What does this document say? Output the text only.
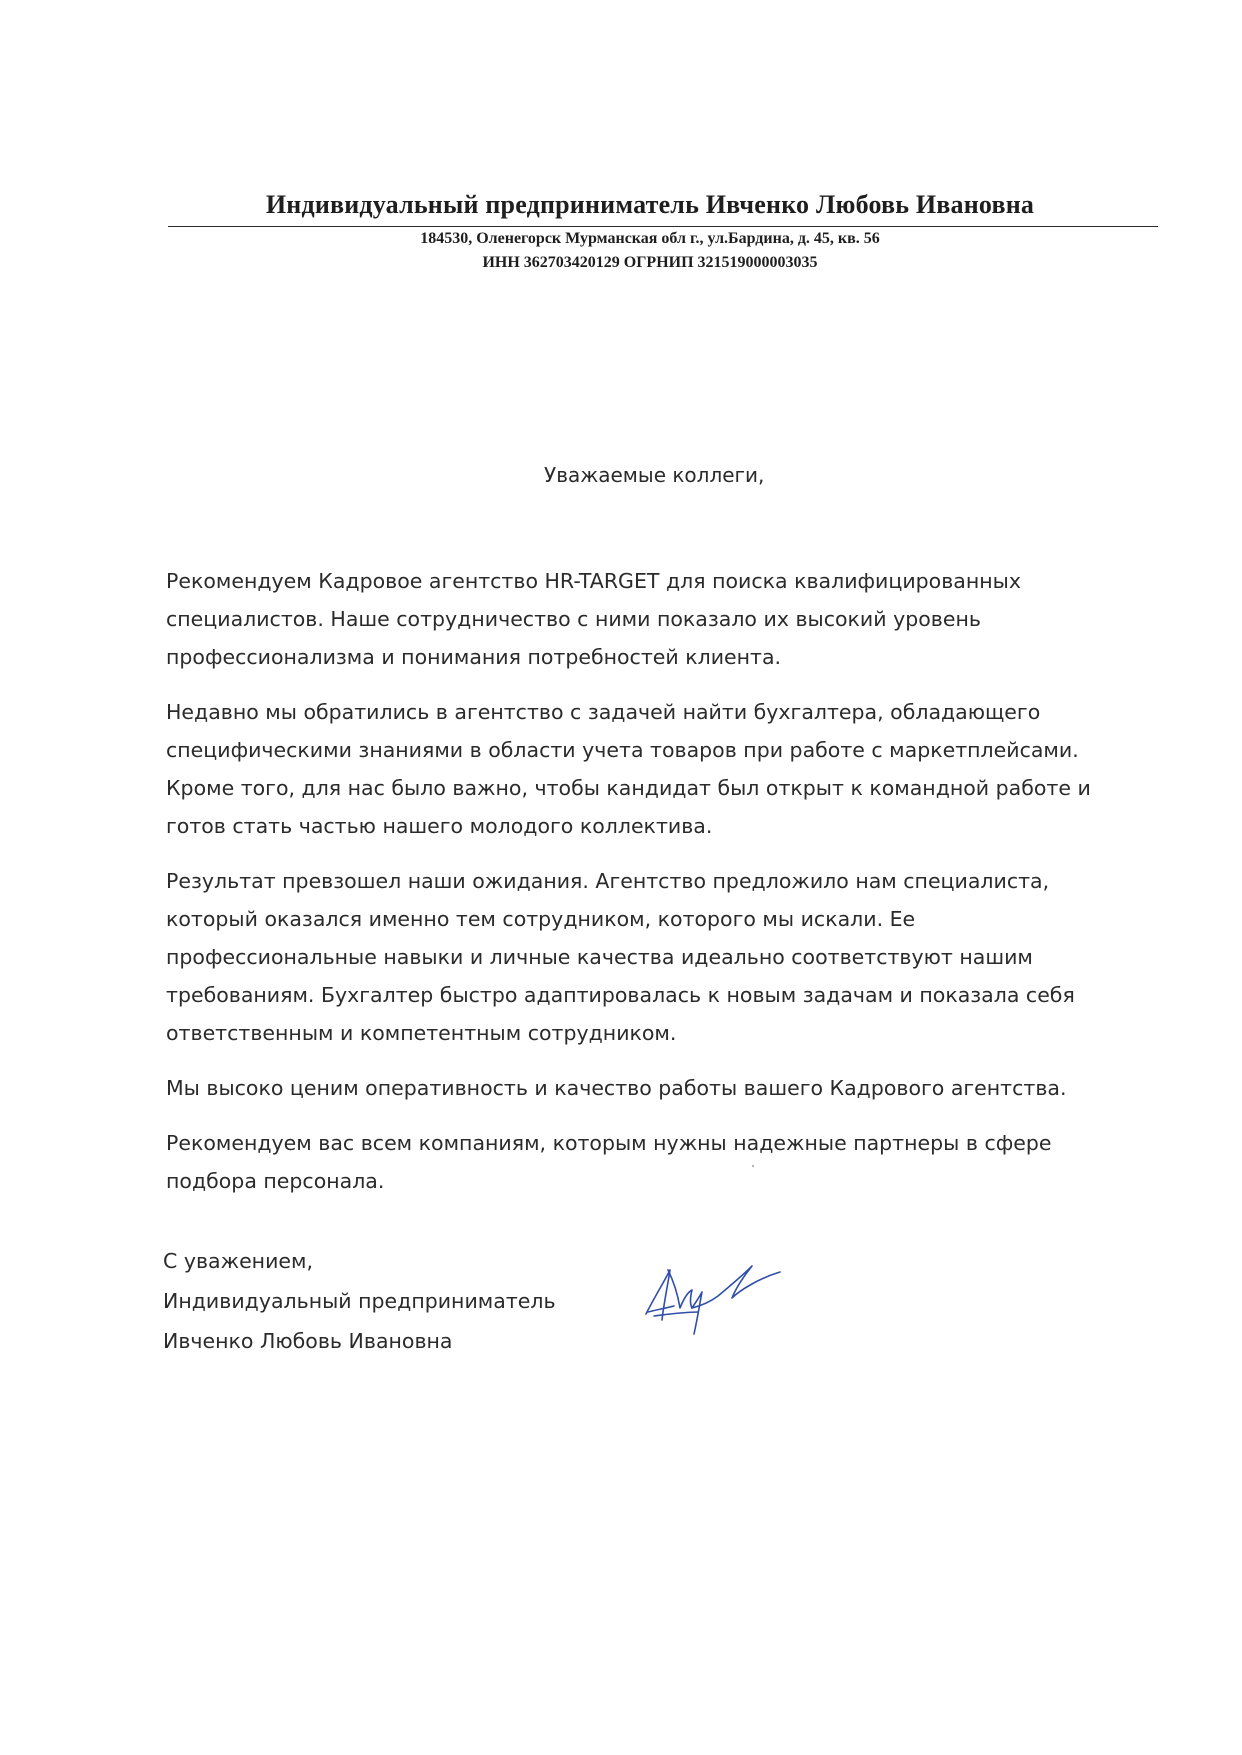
Индивидуальный предприниматель Ивченко Любовь Ивановна
184530, Оленегорск Мурманская обл г., ул.Бардина, д. 45, кв. 56
ИНН 362703420129 ОГРНИП 321519000003035
Уважаемые коллеги,

Рекомендуем Кадровое агентство HR-TARGET для поиска квалифицированных специалистов. Наше сотрудничество с ними показало их высокий уровень профессионализма и понимания потребностей клиента.

Недавно мы обратились в агентство с задачей найти бухгалтера, обладающего специфическими знаниями в области учета товаров при работе с маркетплейсами. Кроме того, для нас было важно, чтобы кандидат был открыт к командной работе и готов стать частью нашего молодого коллектива.

Результат превзошел наши ожидания. Агентство предложило нам специалиста, который оказался именно тем сотрудником, которого мы искали. Ее профессиональные навыки и личные качества идеально соответствуют нашим требованиям. Бухгалтер быстро адаптировалась к новым задачам и показала себя ответственным и компетентным сотрудником.

Мы высоко ценим оперативность и качество работы вашего Кадрового агентства.

Рекомендуем вас всем компаниям, которым нужны надежные партнеры в сфере подбора персонала.

С уважением,
Индивидуальный предприниматель
Ивченко Любовь Ивановна
